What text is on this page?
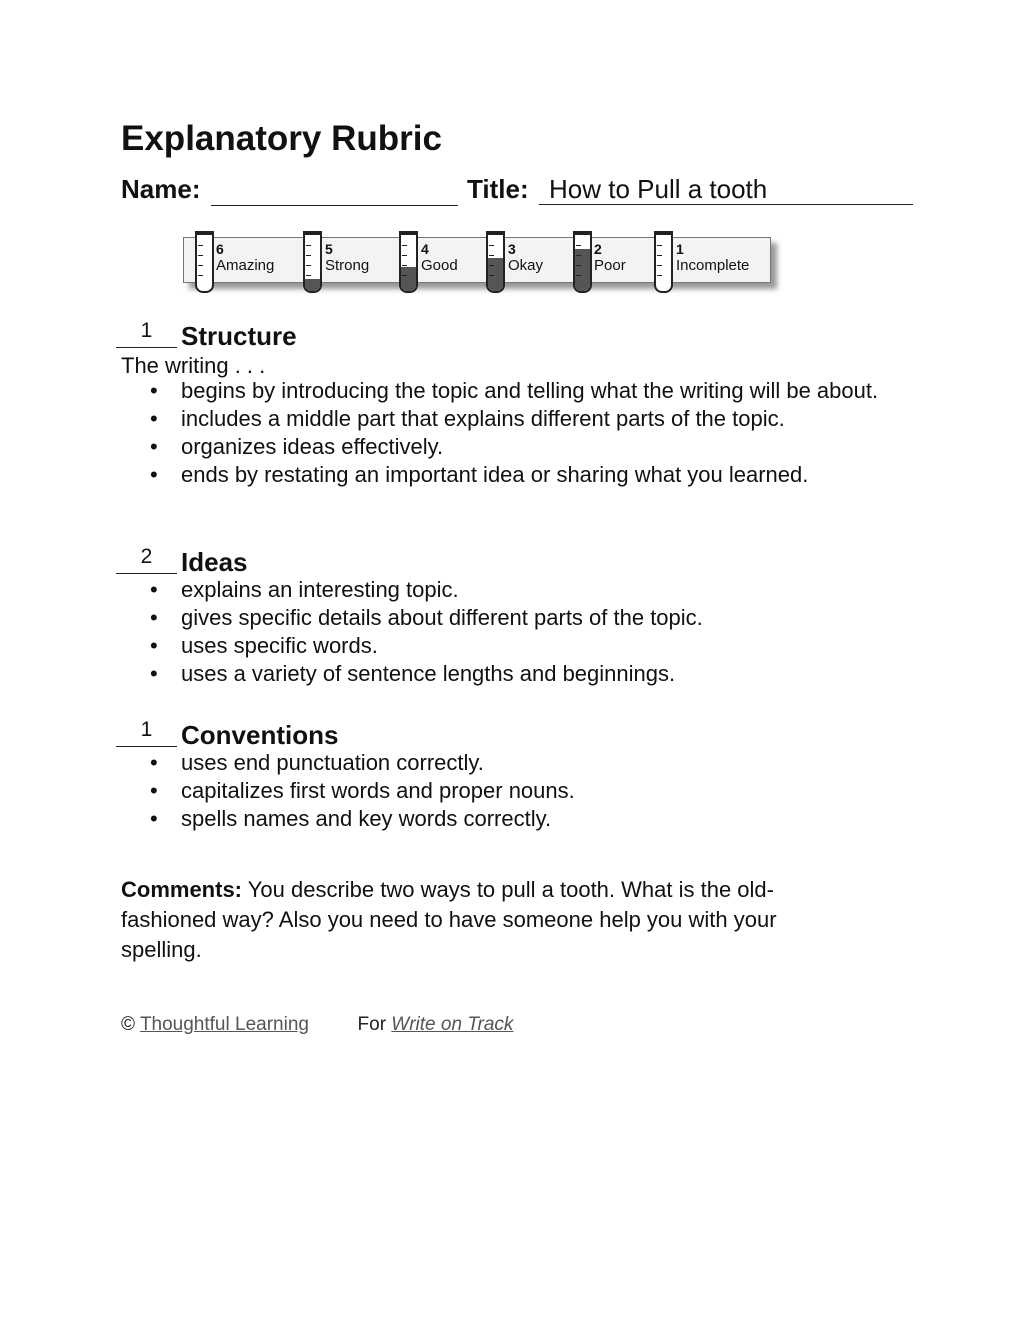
Explanatory Rubric
Name:	Title: How to Pull a tooth
6
Amazing
5
Strong
4
Good
3
Okay
2
Poor
1
Incomplete
1	Structure
The writing . . .
• begins by introducing the topic and telling what the writing will be about.
• includes a middle part that explains different parts of the topic.
• organizes ideas effectively.
• ends by restating an important idea or sharing what you learned.
2	Ideas
• explains an interesting topic.
• gives specific details about different parts of the topic.
• uses specific words.
• uses a variety of sentence lengths and beginnings.
1	Conventions
• uses end punctuation correctly.
• capitalizes first words and proper nouns.
• spells names and key words correctly.
Comments: You describe two ways to pull a tooth. What is the old-fashioned way? Also you need to have someone help you with your spelling.
© Thoughtful Learning	For Write on Track
